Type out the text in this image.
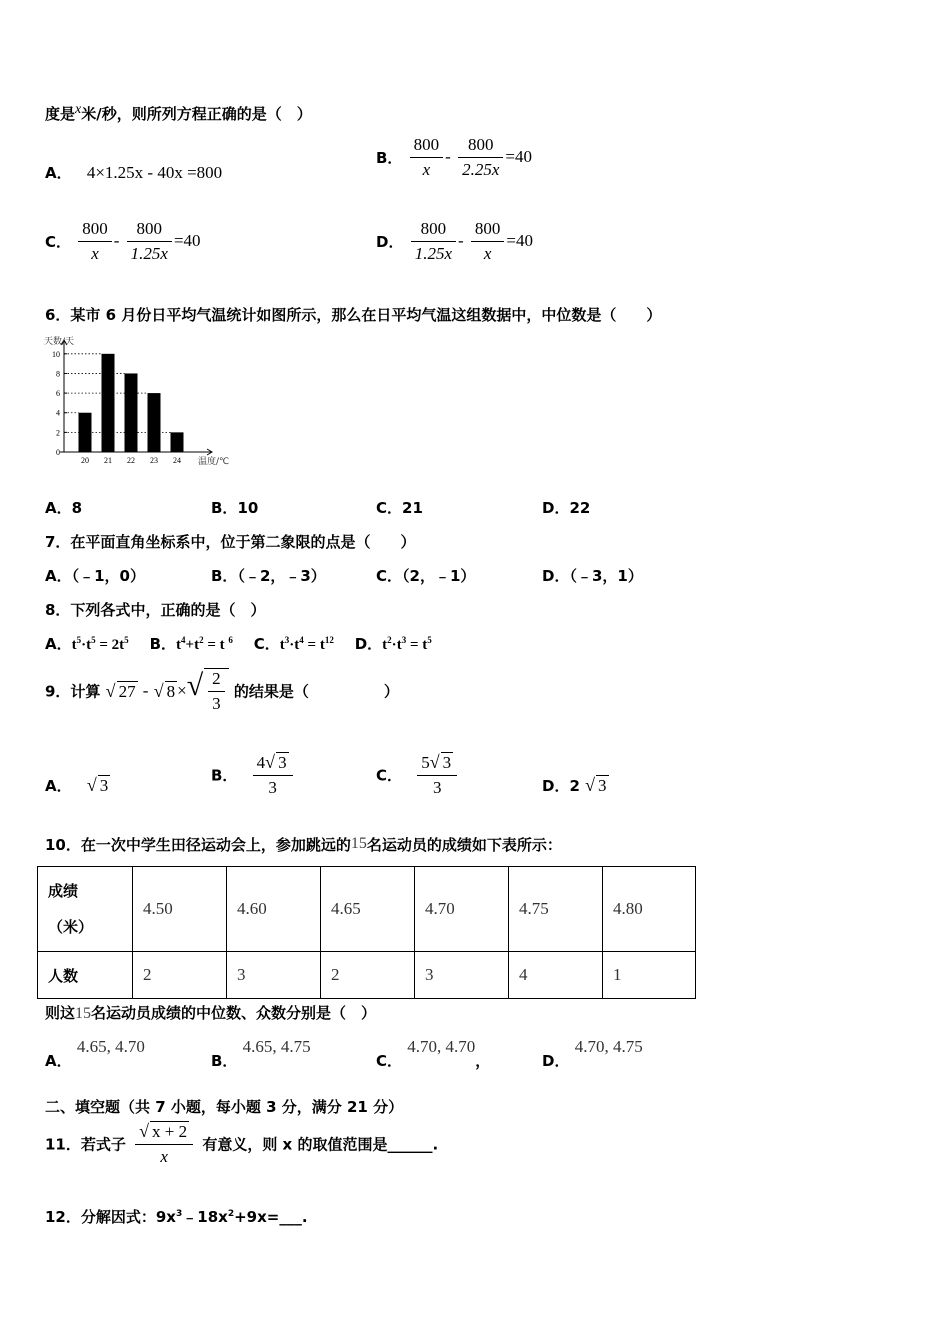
度是x米/秒，则所列方程正确的是（　）
A． 4×1.25x - 40x =800
B． $\frac{800}{x} - \frac{800}{2.25x} =40$
C． $\frac{800}{x} - \frac{800}{1.25x} =40$	D． $\frac{800}{1.25x} - \frac{800}{x} =40$
6．某市 6 月份日平均气温统计如图所示，那么在日平均气温这组数据中，中位数是（　　）
0
2
4
6
8
10
天数/天
温度/℃
20 21 22 23 24
A．8	B．10	C．21	D．22
7．在平面直角坐标系中，位于第二象限的点是（　　）
A．（﹣1，0）	B．（﹣2，﹣3）	C．（2，﹣1）	D．（﹣3，1）
8．下列各式中，正确的是（　）
A．$t^5\cdot t^5 = 2t^5$ B．$t^4+t^2 = t$ $^6$ C．$t^3\cdot t^4 = t^{12}$ D．$t^2\cdot t^3 = t^5$
9．计算 √ 27 - √ 8 ×√ $\frac{2}{3}$ 的结果是（　　　　　）
A． √ 3
B． $\frac{4√ 3}{3}$	C． $\frac{5√ 3}{3}$	D．2 √ 3
10．在一次中学生田径运动会上，参加跳远的15名运动员的成绩如下表所示：
成绩
（米）	4.50	4.60	4.65	4.70	4.75	4.80
人数	2	3	2	3	4	1
则这15名运动员成绩的中位数、众数分别是（　）
A． 4.65, 4.70
B． 4.65, 4.75
C． 4.70, 4.70，	D． 4.70, 4.75
二、填空题（共 7 小题，每小题 3 分，满分 21 分）
11．若式子 $\frac{√ x + 2}{x}$ 有意义，则 x 的取值范围是______.
12．分解因式：$9x^3﹣18x^2+9x=\_\_\_$.
